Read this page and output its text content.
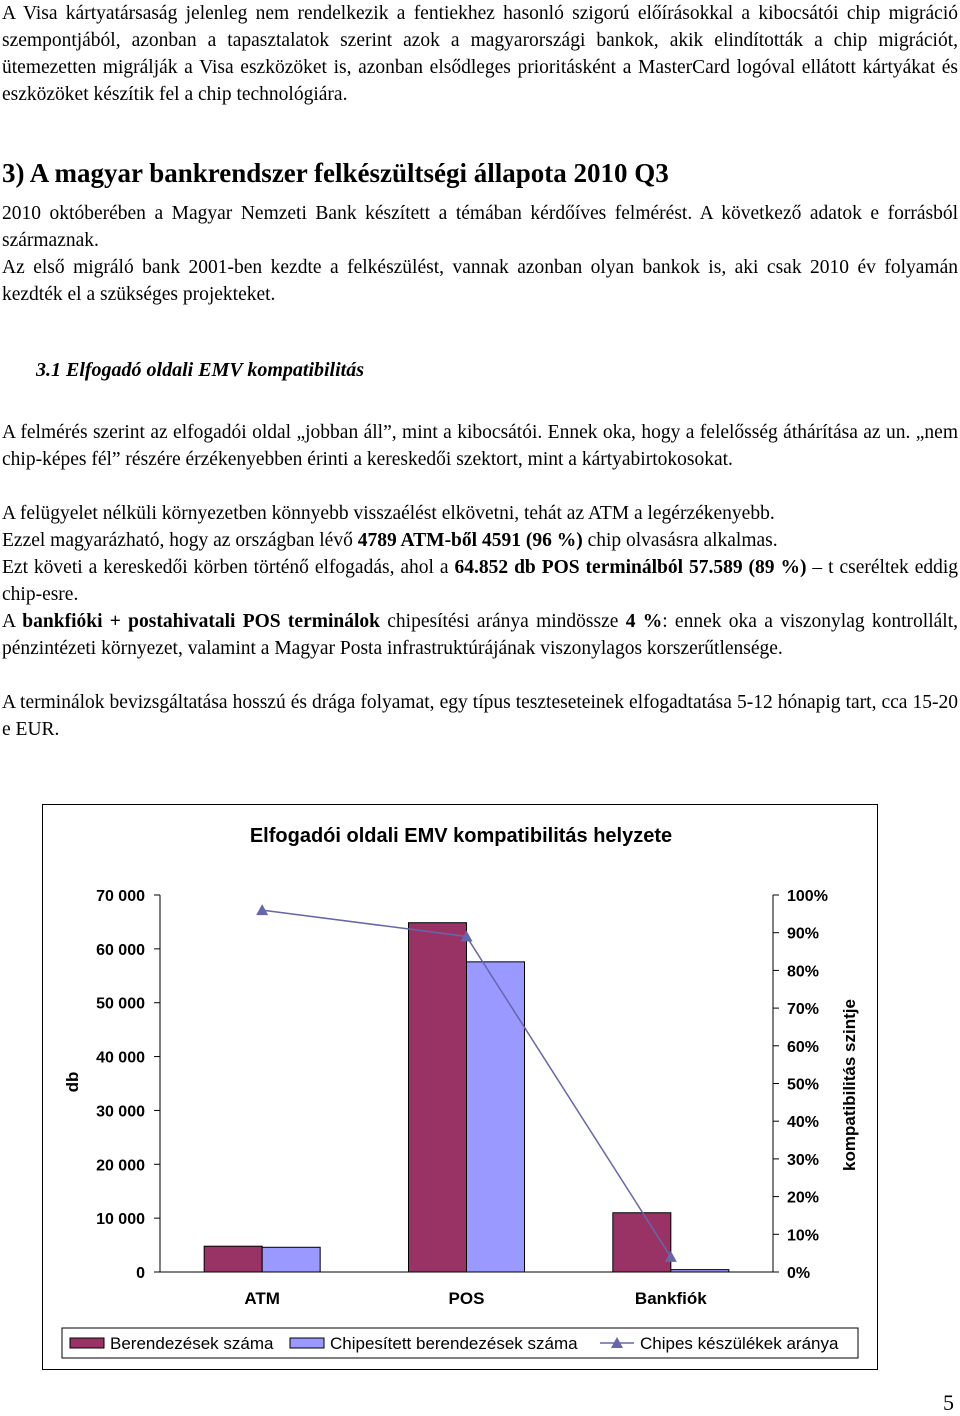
A Visa kártyatársaság jelenleg nem rendelkezik a fentiekhez hasonló szigorú előírásokkal a kibocsátói chip migráció szempontjából, azonban a tapasztalatok szerint azok a magyarországi bankok, akik elindították a chip migrációt, ütemezetten migrálják a Visa eszközöket is, azonban elsődleges prioritásként a MasterCard logóval ellátott kártyákat és eszközöket készítik fel a chip technológiára.

3) A magyar bankrendszer felkészültségi állapota 2010 Q3

2010 októberében a Magyar Nemzeti Bank készített a témában kérdőíves felmérést. A következő adatok e forrásból származnak.

Az első migráló bank 2001-ben kezdte a felkészülést, vannak azonban olyan bankok is, aki csak 2010 év folyamán kezdték el a szükséges projekteket.

3.1 Elfogadó oldali EMV kompatibilitás

A felmérés szerint az elfogadói oldal „jobban áll”, mint a kibocsátói. Ennek oka, hogy a felelősség áthárítása az un. „nem chip-képes fél” részére érzékenyebben érinti a kereskedői szektort, mint a kártyabirtokosokat.

A felügyelet nélküli környezetben könnyebb visszaélést elkövetni, tehát az ATM a legérzékenyebb.

Ezzel magyarázható, hogy az országban lévő 4789 ATM-ből 4591 (96 %) chip olvasásra alkalmas.

Ezt követi a kereskedői körben történő elfogadás, ahol a 64.852 db POS terminálból 57.589 (89 %) – t cseréltek eddig chip-esre.

A bankfióki + postahivatali POS terminálok chipesítési aránya mindössze 4 %: ennek oka a viszonylag kontrollált, pénzintézeti környezet, valamint a Magyar Posta infrastruktúrájának viszonylagos korszerűtlensége.

A terminálok bevizsgáltatása hosszú és drága folyamat, egy típus teszteseteinek elfogadtatása 5-12 hónapig tart, cca 15-20 e EUR.

Elfogadói oldali EMV kompatibilitás helyzete
db	kompatibilitás szintje
0
10 000
20 000
30 000
40 000
50 000
60 000
70 000
0%
10%
20%
30%
40%
50%
60%
70%
80%
90%
100%
ATM	POS	Bankfiók
Berendezések száma	Chipesített berendezések száma	Chipes készülékek aránya
5
